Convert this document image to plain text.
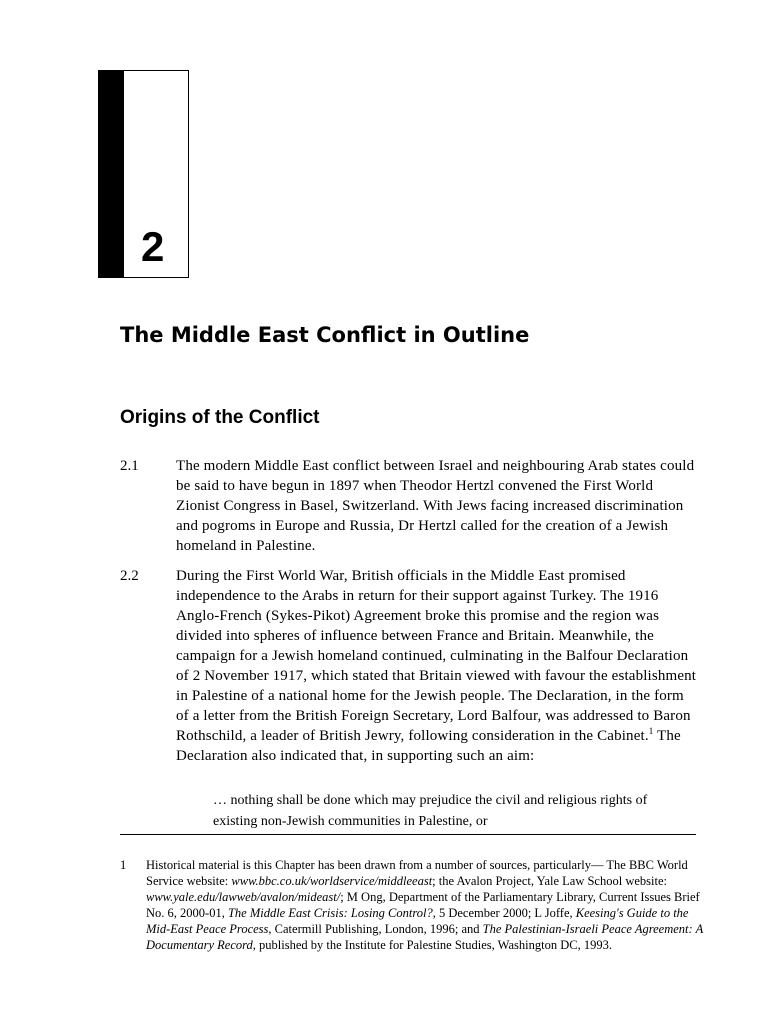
2
The Middle East Conflict in Outline
Origins of the Conflict
2.1 The modern Middle East conflict between Israel and neighbouring Arab states could be said to have begun in 1897 when Theodor Hertzl convened the First World Zionist Congress in Basel, Switzerland. With Jews facing increased discrimination and pogroms in Europe and Russia, Dr Hertzl called for the creation of a Jewish homeland in Palestine.
2.2 During the First World War, British officials in the Middle East promised independence to the Arabs in return for their support against Turkey. The 1916 Anglo-French (Sykes-Pikot) Agreement broke this promise and the region was divided into spheres of influence between France and Britain. Meanwhile, the campaign for a Jewish homeland continued, culminating in the Balfour Declaration of 2 November 1917, which stated that Britain viewed with favour the establishment in Palestine of a national home for the Jewish people. The Declaration, in the form of a letter from the British Foreign Secretary, Lord Balfour, was addressed to Baron Rothschild, a leader of British Jewry, following consideration in the Cabinet.$^1$ The Declaration also indicated that, in supporting such an aim:
… nothing shall be done which may prejudice the civil and religious rights of existing non-Jewish communities in Palestine, or
1 Historical material is this Chapter has been drawn from a number of sources, particularly— The BBC World Service website: www.bbc.co.uk/worldservice/middleeast; the Avalon Project, Yale Law School website: www.yale.edu/lawweb/avalon/mideast/; M Ong, Department of the Parliamentary Library, Current Issues Brief No. 6, 2000-01, The Middle East Crisis: Losing Control?, 5 December 2000; L Joffe, Keesing's Guide to the Mid-East Peace Process, Catermill Publishing, London, 1996; and The Palestinian-Israeli Peace Agreement: A Documentary Record, published by the Institute for Palestine Studies, Washington DC, 1993.
